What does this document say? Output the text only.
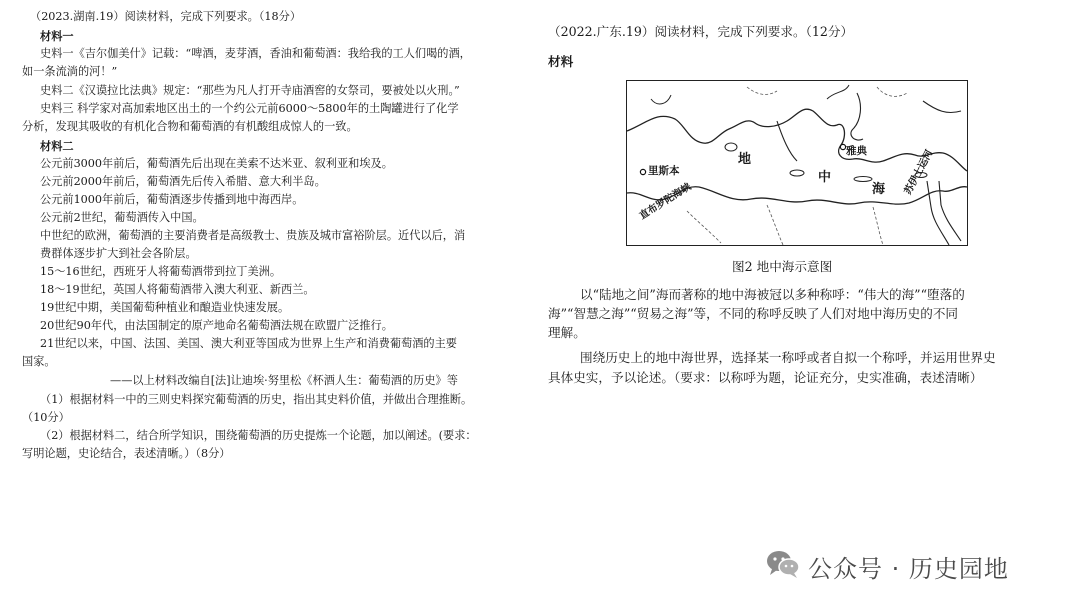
（2023.湖南.19）阅读材料，完成下列要求。（18分）
材料一
史料一《吉尔伽美什》记载：“啤酒，麦芽酒，香油和葡萄酒：我给我的工人们喝的酒，
如一条流淌的河！”
史料二《汉谟拉比法典》规定：“那些为凡人打开寺庙酒窖的女祭司，要被处以火刑。”
史料三 科学家对高加索地区出土的一个约公元前6000～5800年的土陶罐进行了化学
分析，发现其吸收的有机化合物和葡萄酒的有机酸组成惊人的一致。
材料二
公元前3000年前后，葡萄酒先后出现在美索不达米亚、叙利亚和埃及。
公元前2000年前后，葡萄酒先后传入希腊、意大利半岛。
公元前1000年前后，葡萄酒逐步传播到地中海西岸。
公元前2世纪，葡萄酒传入中国。
中世纪的欧洲，葡萄酒的主要消费者是高级教士、贵族及城市富裕阶层。近代以后，消
费群体逐步扩大到社会各阶层。
15～16世纪，西班牙人将葡萄酒带到拉丁美洲。
18～19世纪，英国人将葡萄酒带入澳大利亚、新西兰。
19世纪中期，美国葡萄种植业和酿造业快速发展。
20世纪90年代，由法国制定的原产地命名葡萄酒法规在欧盟广泛推行。
21世纪以来，中国、法国、美国、澳大利亚等国成为世界上生产和消费葡萄酒的主要
国家。
——以上材料改编自[法]让迪埃·努里松《杯酒人生：葡萄酒的历史》等
（1）根据材料一中的三则史料探究葡萄酒的历史，指出其史料价值，并做出合理推断。
（10分）
（2）根据材料二，结合所学知识，围绕葡萄酒的历史提炼一个论题，加以阐述。(要求：
写明论题，史论结合，表述清晰。）（8分）
（2022.广东.19）阅读材料，完成下列要求。（12分）
材料
里斯本
直布罗陀海峡
地
中
海
雅典	苏伊士运河
图2 地中海示意图
以“陆地之间”海而著称的地中海被冠以多种称呼：“伟大的海”“堕落的
海”“智慧之海”“贸易之海”等，不同的称呼反映了人们对地中海历史的不同
理解。
围绕历史上的地中海世界，选择某一称呼或者自拟一个称呼，并运用世界史
具体史实，予以论述。（要求：以称呼为题，论证充分，史实准确，表述清晰）
公众号 · 历史园地
